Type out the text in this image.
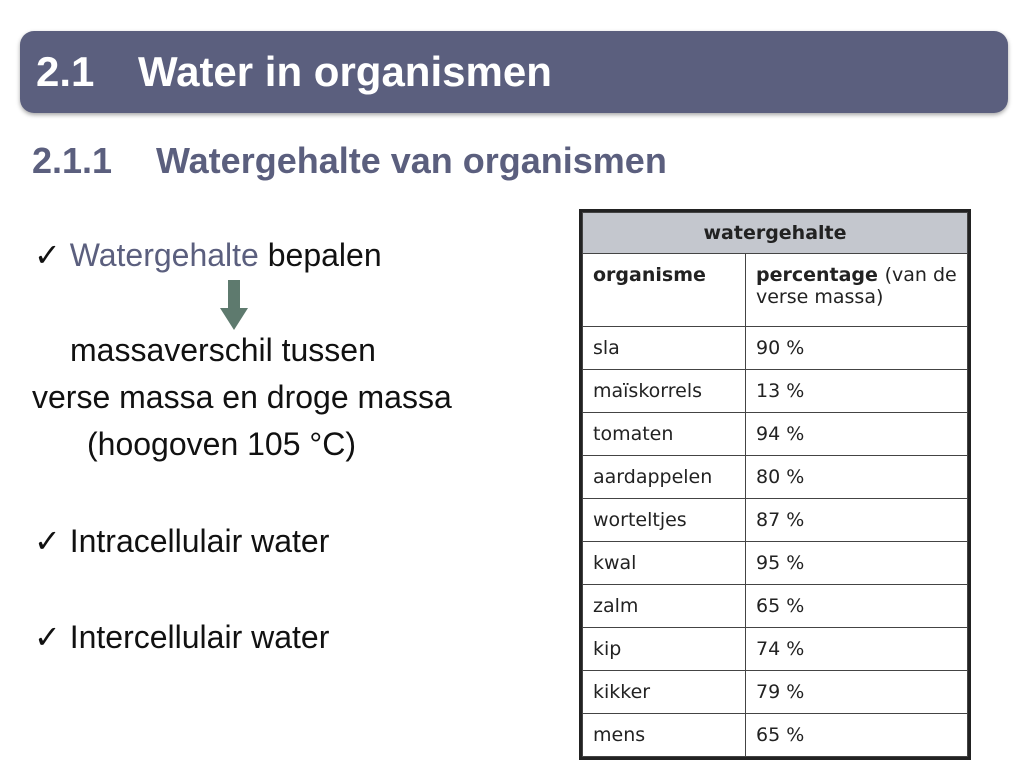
2.1	Water in organismen
2.1.1 Watergehalte van organismen
✓ Watergehalte bepalen
massaverschil tussen
verse massa en droge massa
(hoogoven 105 °C)
✓ Intracellulair water
✓ Intercellulair water
watergehalte	
organisme	percentage (van de verse massa)
sla	90 %
maïskorrels	13 %
tomaten	94 %
aardappelen	80 %
worteltjes	87 %
kwal	95 %
zalm	65 %
kip	74 %
kikker	79 %
mens	65 %
